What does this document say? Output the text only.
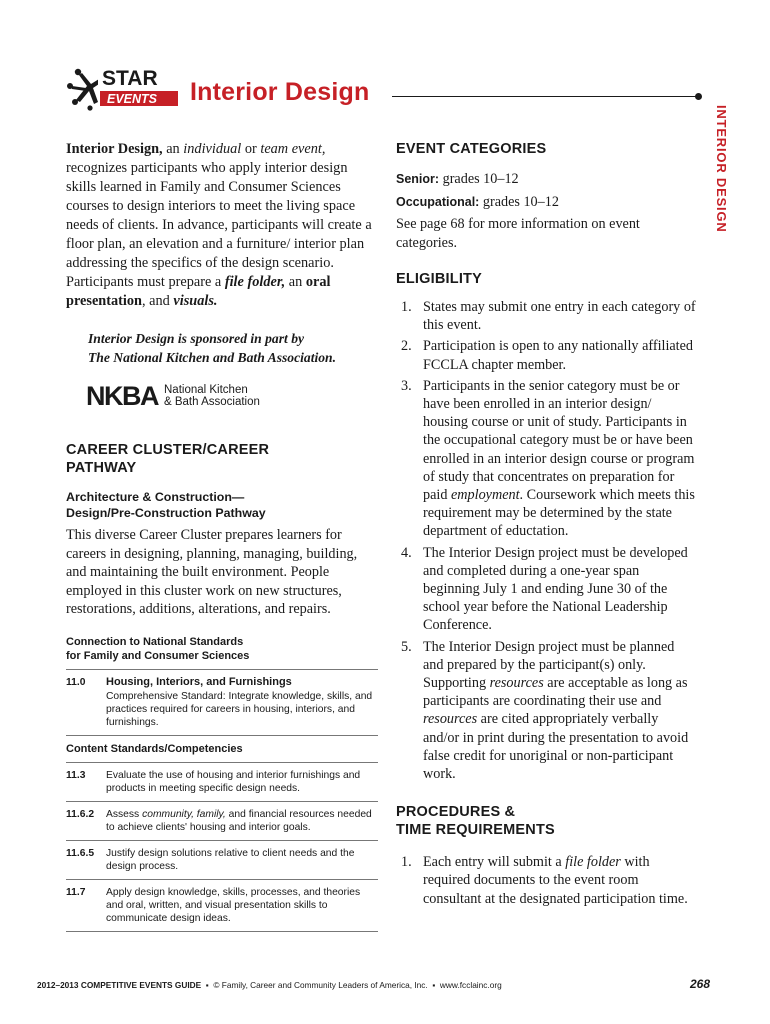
STAR
EVENTS Interior Design
INTERIOR DESIGN
Interior Design, an individual or team event, recognizes participants who apply interior design skills learned in Family and Consumer Sciences courses to design interiors to meet the living space needs of clients. In advance, participants will create a floor plan, an elevation and a furniture/ interior plan addressing the specifics of the design scenario. Participants must prepare a file folder, an oral presentation, and visuals.
Interior Design is sponsored in part by
The National Kitchen and Bath Association.
NKBA National Kitchen
& Bath Association
CAREER CLUSTER/CAREER
PATHWAY
Architecture & Construction—
Design/Pre-Construction Pathway
This diverse Career Cluster prepares learners for careers in designing, planning, managing, building, and maintaining the built environment. People employed in this cluster work on new structures, restorations, additions, alterations, and repairs.
Connection to National Standards
for Family and Consumer Sciences
11.0	Housing, Interiors, and Furnishings
Comprehensive Standard: Integrate knowledge, skills, and practices required for careers in housing, interiors, and furnishings.
Content Standards/Competencies
11.3	Evaluate the use of housing and interior furnishings and products in meeting specific design needs.
11.6.2	Assess community, family, and financial resources needed to achieve clients' housing and interior goals.
11.6.5	Justify design solutions relative to client needs and the design process.
11.7	Apply design knowledge, skills, processes, and theories and oral, written, and visual presentation skills to communicate design ideas.
EVENT CATEGORIES
Senior: grades 10–12
Occupational: grades 10–12
See page 68 for more information on event categories.
ELIGIBILITY
1. States may submit one entry in each category of this event.
2. Participation is open to any nationally affiliated FCCLA chapter member.
3. Participants in the senior category must be or have been enrolled in an interior design/ housing course or unit of study. Participants in the occupational category must be or have been enrolled in an interior design course or program of study that concentrates on preparation for paid employment. Coursework which meets this requirement may be determined by the state department of eductation.
4. The Interior Design project must be developed and completed during a one-year span beginning July 1 and ending June 30 of the school year before the National Leadership Conference.
5. The Interior Design project must be planned and prepared by the participant(s) only. Supporting resources are acceptable as long as participants are coordinating their use and resources are cited appropriately verbally and/or in print during the presentation to avoid false credit for unoriginal or non-participant work.
PROCEDURES &
TIME REQUIREMENTS
1. Each entry will submit a file folder with required documents to the event room consultant at the designated participation time.
2012–2013 COMPETITIVE EVENTS GUIDE  ▪  © Family, Career and Community Leaders of America, Inc.  ▪  www.fcclainc.org	268
